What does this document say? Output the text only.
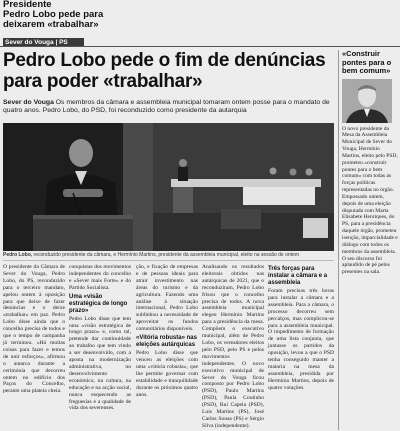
Presidente
Pedro Lobo pede para deixarem «trabalhar»
Sever do Vouga | PS
Pedro Lobo pede o fim de denúncias para poder «trabalhar»
Sever do Vouga Os membros da câmara e assembleia municipal tomaram ontem posse para o mandato de quatro anos. Pedro Lobo, do PSD, foi reconduzido como presidente da autarquia
Pedro Lobo, reconduzido presidente da câmara, e Hermínio Martins, presidente da assembleia municipal, eleito na sessão de ontem

O presidente da Câmara de Sever do Vouga, Pedro Lobo, do PS, reconduzido para o terceiro mandato, apelou ontem à oposição para que deixe de fazer denúncias e o deixe «trabalhar» em paz. Pedro Lobo disse ainda que o concelho precisa de todos e que o tempo de campanha já terminou. «Há muitas coisas para fazer e temos de unir esforços», afirmou o autarca durante a cerimónia que decorreu ontem no edifício dos Paços do Concelho, perante uma plateia cheia.

conquistas dos movimentos independentes do concelho e «Sever mais Forte» e do Partido Socialista.

Uma «visão estratégica de longo prazo»

Pedro Lobo disse que tem uma «visão estratégica de longo prazo» e, como tal, pretende dar continuidade ao trabalho que tem vindo a ser desenvolvido, com a aposta na modernização administrativa, no desenvolvimento económico, na cultura, na educação e na acção social, nunca esquecendo as freguesias e a qualidade de vida dos severenses.

ção, e fixação de empresas e de pessoas ideais para atrair investimento nas áreas do turismo e da agricultura. Fazendo uma análise à situação internacional, Pedro Lobo sublinhou a necessidade de aproveitar os fundos comunitários disponíveis.

«Vitória robusta» nas eleições autárquicas

Pedro Lobo disse que venceu as eleições com uma «vitória robusta», que lhe permite governar com estabilidade e tranquilidade durante os próximos quatro anos.

Analisando os resultados eleitorais obtidos nas autárquicas de 2021, que o reconduziram, Pedro Lobo frisou que o concelho precisa de todos. A nova assembleia municipal elegeu Hermínio Martins para a presidência da mesa. Compõem o executivo municipal, além de Pedro Lobo, os vereadores eleitos pelo PSD, pelo PS e pelos movimentos independentes. O novo executivo municipal de Sever do Vouga ficou composto por Pedro Lobo (PSD), Paulo Martins (PSD), Paula Coutinho (PSD), Rui Capela (PSD), Luís Martins (PS), José Carlos Sousa (PS) e Sérgio Silva (independente).

Três forças para instalar a câmara e a assembleia

Foram precisas três horas para instalar a câmara e a assembleia. Para a câmara, o processo decorreu sem percalços, mas complicou-se para a assembleia municipal. O impedimento de formação de uma lista conjunta, que juntasse os partidos da oposição, levou a que o PSD tenha conseguido manter a maioria na mesa da assembleia, presidida por Hermínio Martins, depois de quatro votações.

«Construir pontes para o bem comum»
O novo presidente da Mesa da Assembleia Municipal de Sever do Vouga, Hermínio Martins, eleito pelo PSD, prometeu «construir pontes para o bem comum» com todas as forças políticas representadas no órgão. Empossado ontem, depois de uma eleição disputada com Marta Elisabete Henriques, do PS, para a presidência daquele órgão, prometeu isenção, imparcialidade e diálogo com todos os membros da assembleia. O seu discurso foi aplaudido de pé pelos presentes na sala.
